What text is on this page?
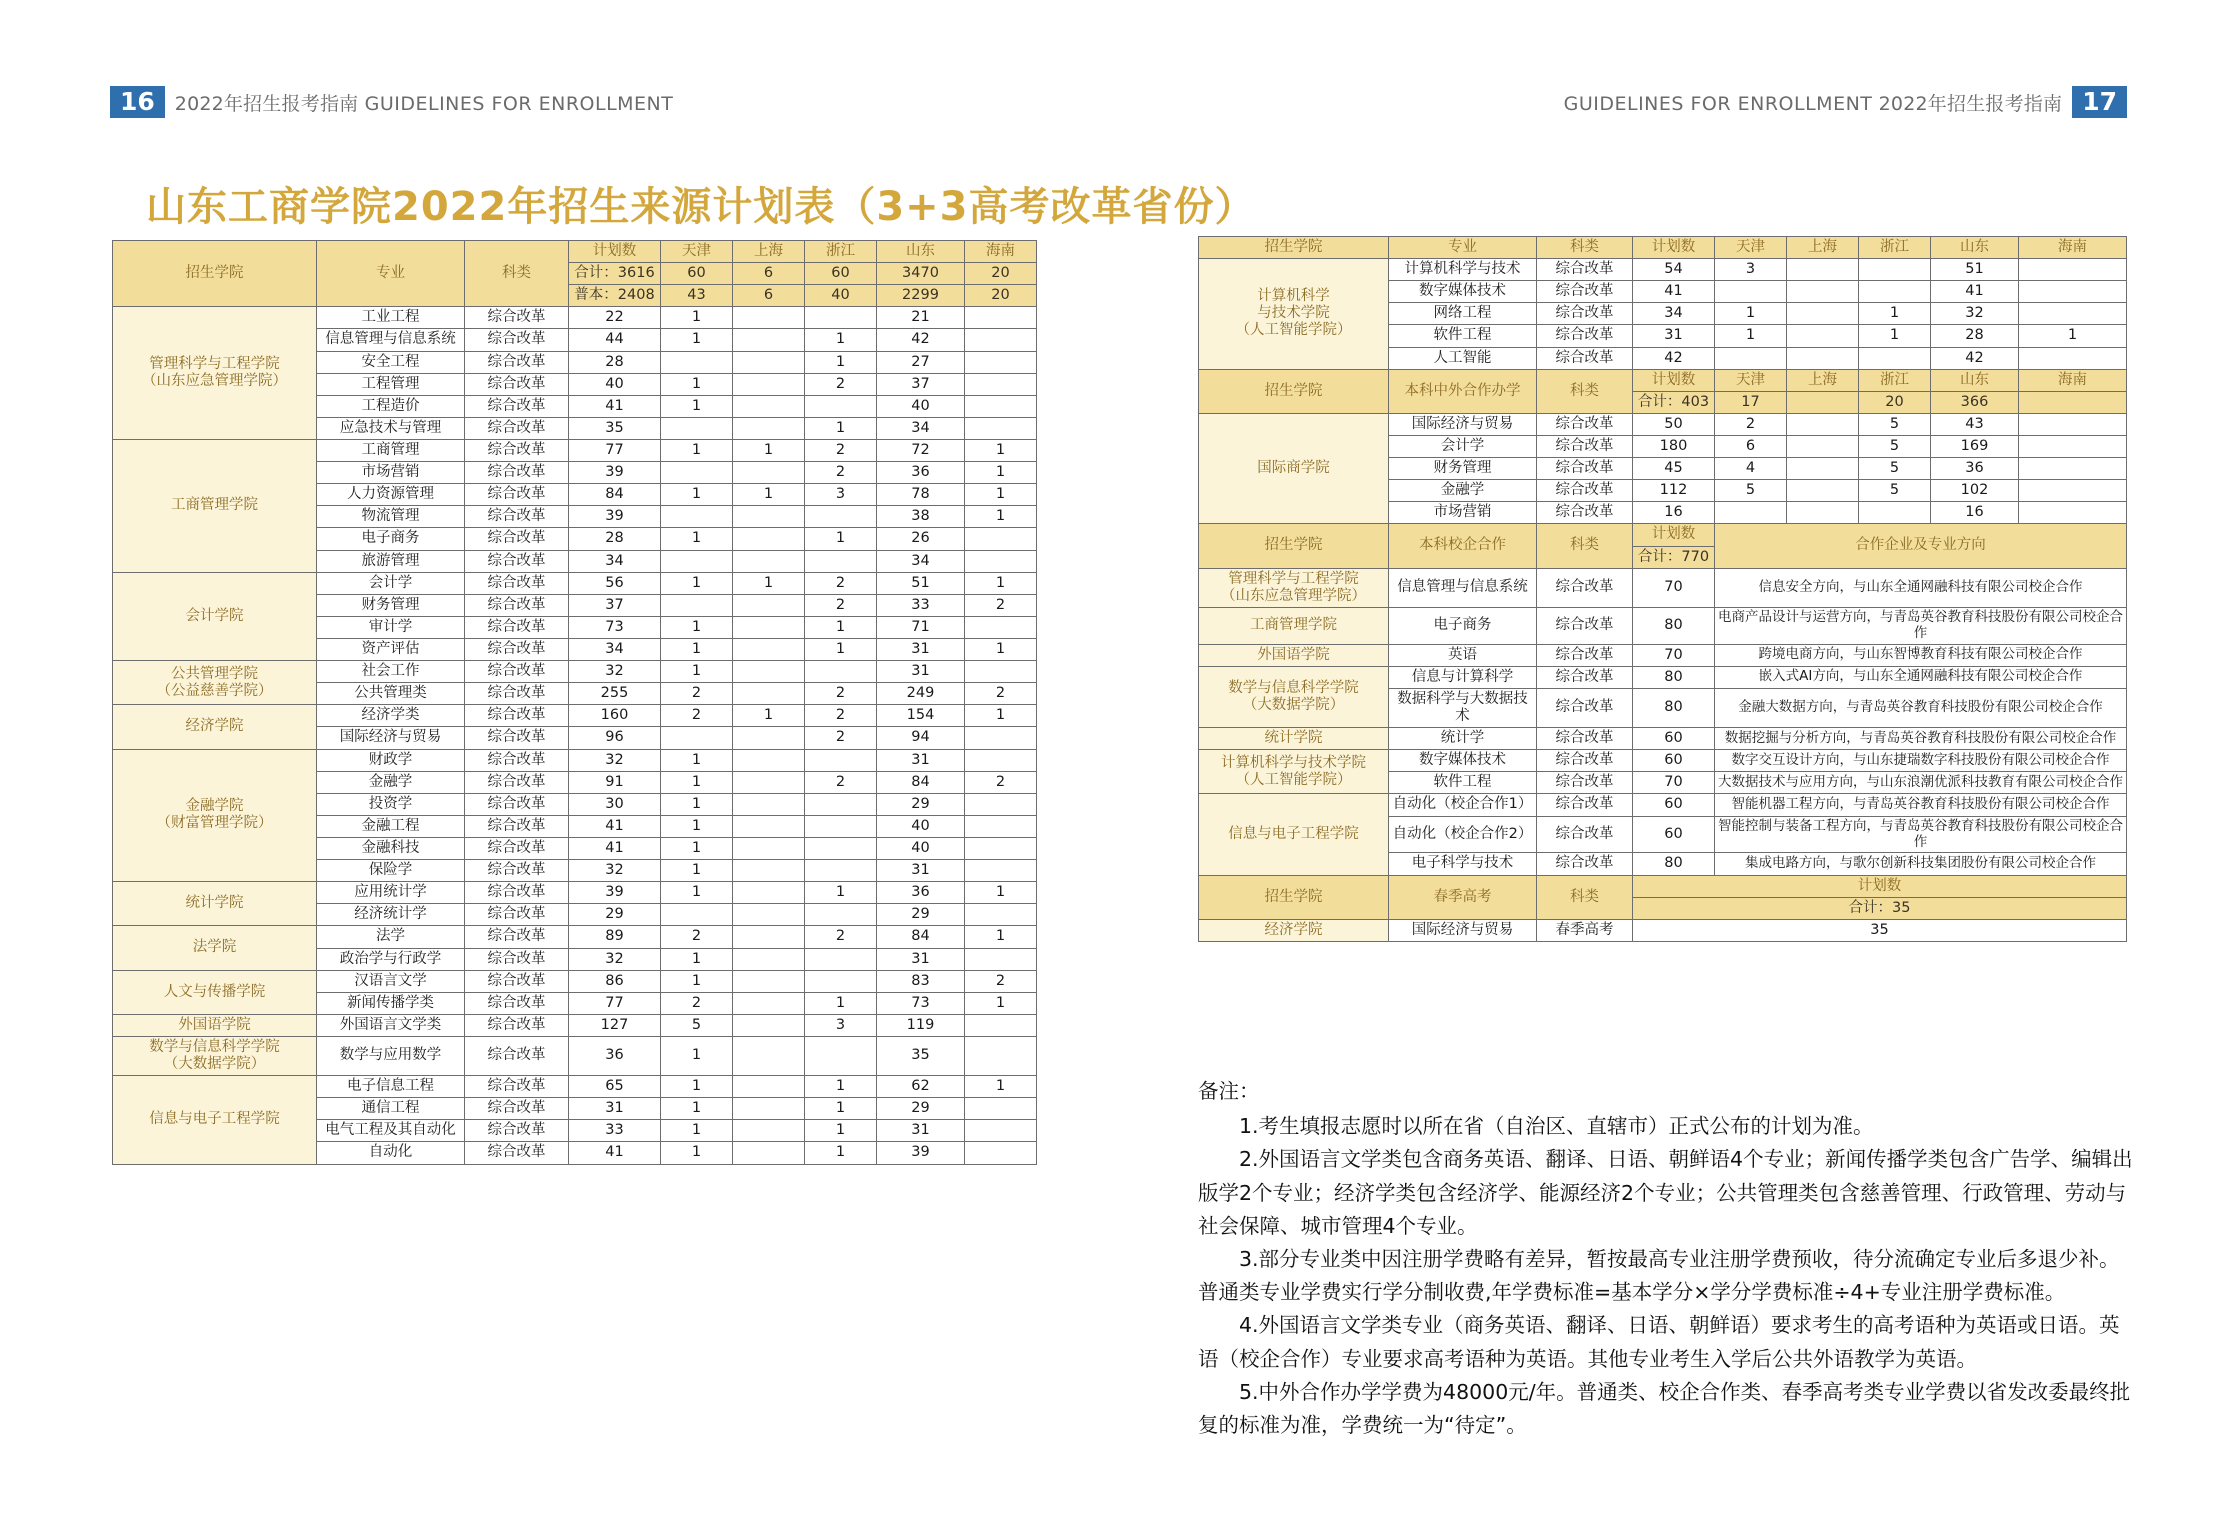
16	2022年招生报考指南 GUIDELINES FOR ENROLLMENT	GUIDELINES FOR ENROLLMENT 2022年招生报考指南 17
山东工商学院2022年招生来源计划表（3+3高考改革省份）
招生学院	专业	科类	计划数	天津	上海	浙江	山东	海南
			合计：3616	60	6	60	3470	20
			普本：2408	43	6	40	2299	20
管理科学与工程学院
（山东应急管理学院）	工业工程	综合改革	22	1			21	
	信息管理与信息系统	综合改革	44	1		1	42	
	安全工程	综合改革	28			1	27	
	工程管理	综合改革	40	1		2	37	
	工程造价	综合改革	41	1			40	
	应急技术与管理	综合改革	35			1	34	
工商管理学院	工商管理	综合改革	77	1	1	2	72	1
	市场营销	综合改革	39			2	36	1
	人力资源管理	综合改革	84	1	1	3	78	1
	物流管理	综合改革	39				38	1
	电子商务	综合改革	28	1		1	26	
	旅游管理	综合改革	34				34	
会计学院	会计学	综合改革	56	1	1	2	51	1
	财务管理	综合改革	37			2	33	2
	审计学	综合改革	73	1		1	71	
	资产评估	综合改革	34	1		1	31	1
公共管理学院
（公益慈善学院）	社会工作	综合改革	32	1			31	
	公共管理类	综合改革	255	2		2	249	2
经济学院	经济学类	综合改革	160	2	1	2	154	1
	国际经济与贸易	综合改革	96			2	94	
金融学院
（财富管理学院）	财政学	综合改革	32	1			31	
	金融学	综合改革	91	1		2	84	2
	投资学	综合改革	30	1			29	
	金融工程	综合改革	41	1			40	
	金融科技	综合改革	41	1			40	
	保险学	综合改革	32	1			31	
统计学院	应用统计学	综合改革	39	1		1	36	1
	经济统计学	综合改革	29				29	
法学院	法学	综合改革	89	2		2	84	1
	政治学与行政学	综合改革	32	1			31	
人文与传播学院	汉语言文学	综合改革	86	1			83	2
	新闻传播学类	综合改革	77	2		1	73	1
外国语学院	外国语言文学类	综合改革	127	5		3	119	
数学与信息科学学院
（大数据学院）	数学与应用数学	综合改革	36	1			35	
信息与电子工程学院	电子信息工程	综合改革	65	1		1	62	1
	通信工程	综合改革	31	1		1	29	
	电气工程及其自动化	综合改革	33	1		1	31	
	自动化	综合改革	41	1		1	39	
招生学院	专业	科类	计划数	天津	上海	浙江	山东	海南
计算机科学
与技术学院
（人工智能学院）	计算机科学与技术	综合改革	54	3			51	
	数字媒体技术	综合改革	41				41	
	网络工程	综合改革	34	1		1	32	
	软件工程	综合改革	31	1		1	28	1
	人工智能	综合改革	42				42	
招生学院	本科中外合作办学	科类	计划数	天津	上海	浙江	山东	海南
			合计：403	17		20	366	
国际商学院	国际经济与贸易	综合改革	50	2		5	43	
	会计学	综合改革	180	6		5	169	
	财务管理	综合改革	45	4		5	36	
	金融学	综合改革	112	5		5	102	
	市场营销	综合改革	16				16	
招生学院	本科校企合作	科类	计划数	合作企业及专业方向				
			合计：770					
管理科学与工程学院
（山东应急管理学院）	信息管理与信息系统	综合改革	70	信息安全方向，与山东全通网融科技有限公司校企合作				
工商管理学院	电子商务	综合改革	80	电商产品设计与运营方向，与青岛英谷教育科技股份有限公司校企合作				
外国语学院	英语	综合改革	70	跨境电商方向，与山东智博教育科技有限公司校企合作				
数学与信息科学学院
（大数据学院）	信息与计算科学	综合改革	80	嵌入式AI方向，与山东全通网融科技有限公司校企合作				
	数据科学与大数据技术	综合改革	80	金融大数据方向，与青岛英谷教育科技股份有限公司校企合作				
统计学院	统计学	综合改革	60	数据挖掘与分析方向，与青岛英谷教育科技股份有限公司校企合作				
计算机科学与技术学院
（人工智能学院）	数字媒体技术	综合改革	60	数字交互设计方向，与山东捷瑞数字科技股份有限公司校企合作				
	软件工程	综合改革	70	大数据技术与应用方向，与山东浪潮优派科技教育有限公司校企合作				
信息与电子工程学院	自动化（校企合作1）	综合改革	60	智能机器工程方向，与青岛英谷教育科技股份有限公司校企合作				
	自动化（校企合作2）	综合改革	60	智能控制与装备工程方向，与青岛英谷教育科技股份有限公司校企合作				
	电子科学与技术	综合改革	80	集成电路方向，与歌尔创新科技集团股份有限公司校企合作				
招生学院	春季高考	科类	计划数					
			合计：35					
经济学院	国际经济与贸易	春季高考	35					
备注：

1.考生填报志愿时以所在省（自治区、直辖市）正式公布的计划为准。

2.外国语言文学类包含商务英语、翻译、日语、朝鲜语4个专业；新闻传播学类包含广告学、编辑出版学2个专业；经济学类包含经济学、能源经济2个专业；公共管理类包含慈善管理、行政管理、劳动与社会保障、城市管理4个专业。

3.部分专业类中因注册学费略有差异，暂按最高专业注册学费预收，待分流确定专业后多退少补。普通类专业学费实行学分制收费,年学费标准=基本学分×学分学费标准÷4+专业注册学费标准。

4.外国语言文学类专业（商务英语、翻译、日语、朝鲜语）要求考生的高考语种为英语或日语。英语（校企合作）专业要求高考语种为英语。其他专业考生入学后公共外语教学为英语。

5.中外合作办学学费为48000元/年。普通类、校企合作类、春季高考类专业学费以省发改委最终批复的标准为准，学费统一为“待定”。
